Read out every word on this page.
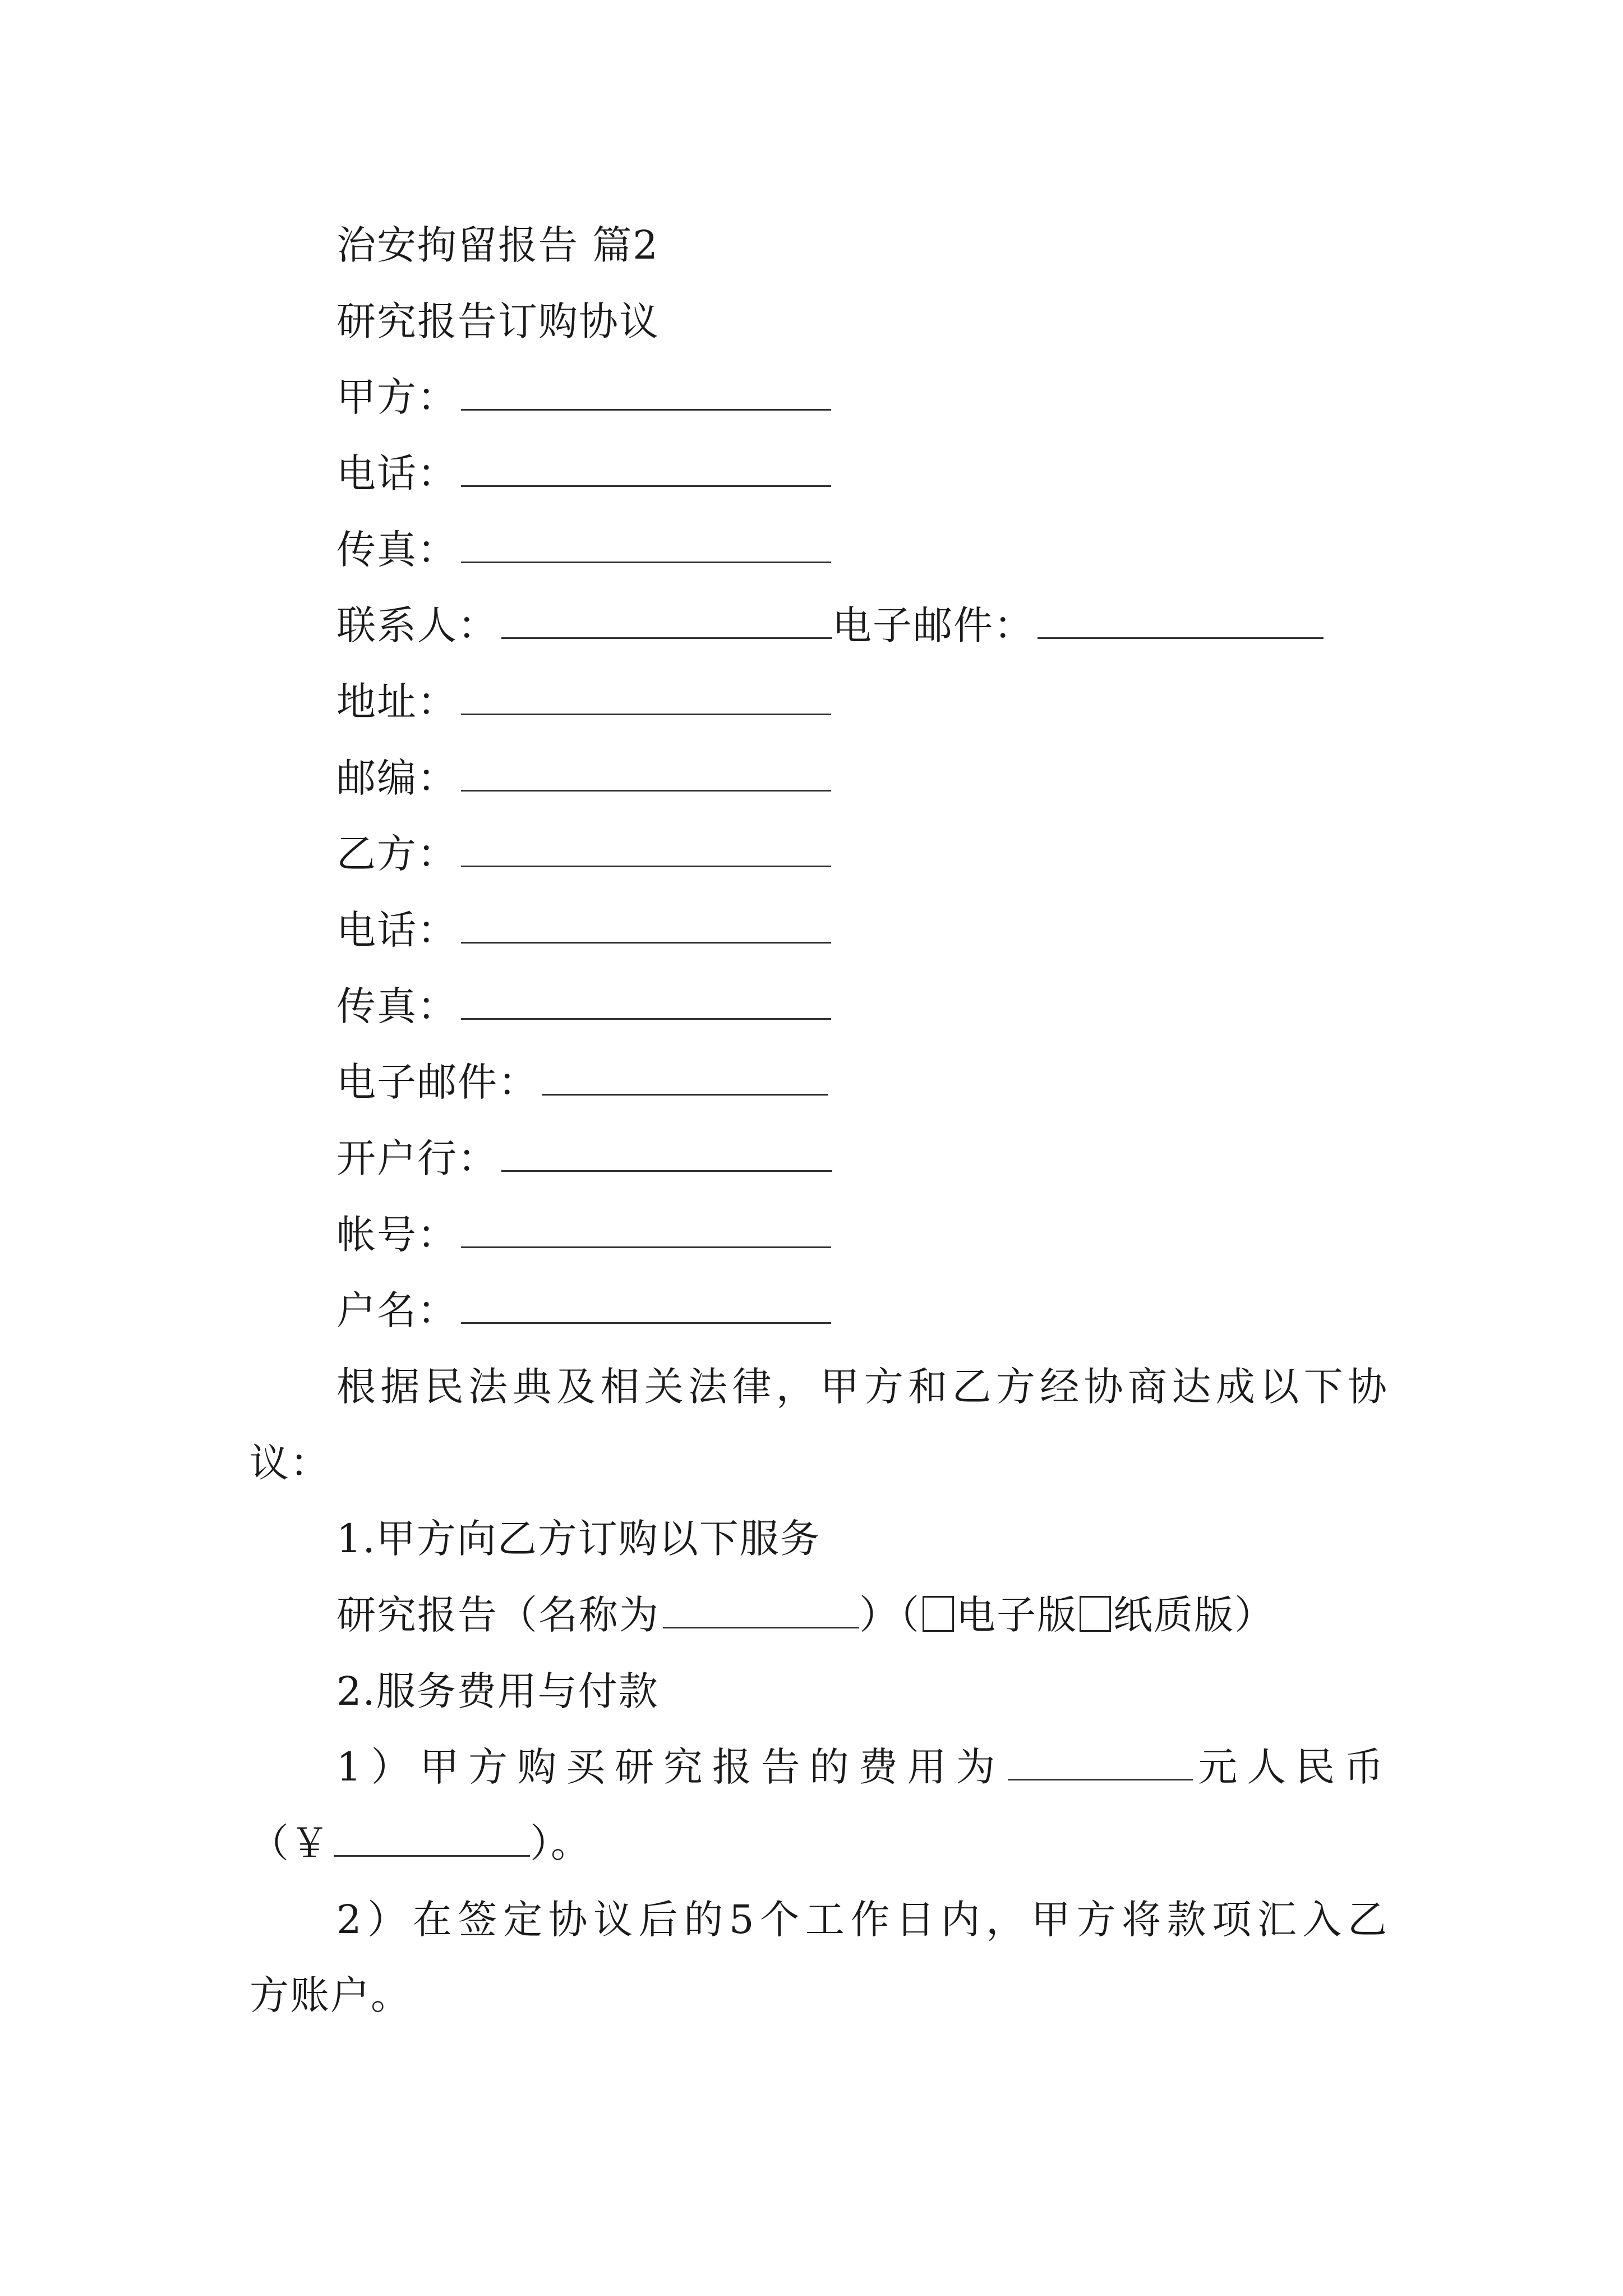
治安拘留报告 篇2
研究报告订购协议
甲方：
电话：
传真：
联系人：	电子邮件：
地址：
邮编：
乙方：
电话：
传真：
电子邮件：
开户行：
帐号：
户名：
根据民法典及相关法律，甲方和乙方经协商达成以下协
议：
1.甲方向乙方订购以下服务
研究报告（名称为	）（ 电子版 纸质版）
2.服务费用与付款
1）甲方购买研究报告的费用为	元人民币
（￥	）。
2）在签定协议后的5个工作日内，甲方将款项汇入乙
方账户。
